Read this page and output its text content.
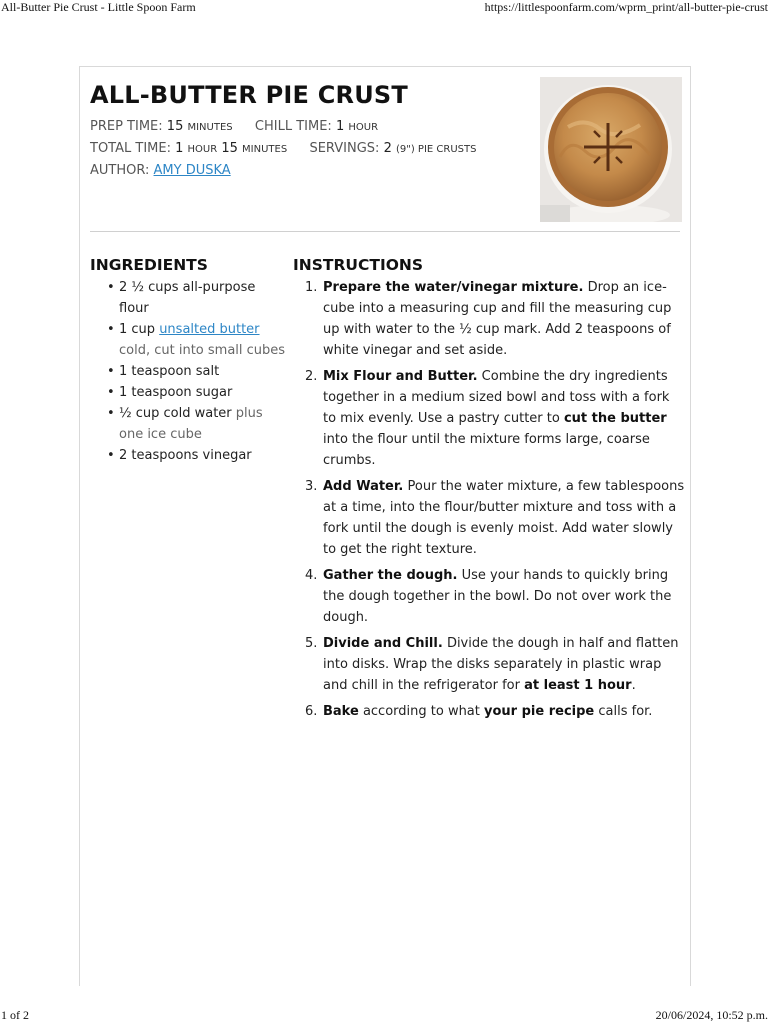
All-Butter Pie Crust - Little Spoon Farm	https://littlespoonfarm.com/wprm_print/all-butter-pie-crust
ALL-BUTTER PIE CRUST
PREP TIME: 15 MINUTES CHILL TIME: 1 HOUR
TOTAL TIME: 1 HOUR 15 MINUTES SERVINGS: 2 (9") PIE CRUSTS
AUTHOR: AMY DUSKA
INGREDIENTS	INSTRUCTIONS
• 2 ½ cups all-purpose flour
• 1 cup unsalted butter cold, cut into small cubes
• 1 teaspoon salt
• 1 teaspoon sugar
• ½ cup cold water plus one ice cube
• 2 teaspoons vinegar
1. Prepare the water/vinegar mixture. Drop an ice-cube into a measuring cup and fill the measuring cup up with water to the ½ cup mark. Add 2 teaspoons of white vinegar and set aside.
2. Mix Flour and Butter. Combine the dry ingredients together in a medium sized bowl and toss with a fork to mix evenly. Use a pastry cutter to cut the butter into the flour until the mixture forms large, coarse crumbs.
3. Add Water. Pour the water mixture, a few tablespoons at a time, into the flour/butter mixture and toss with a fork until the dough is evenly moist. Add water slowly to get the right texture.
4. Gather the dough. Use your hands to quickly bring the dough together in the bowl. Do not over work the dough.
5. Divide and Chill. Divide the dough in half and flatten into disks. Wrap the disks separately in plastic wrap and chill in the refrigerator for at least 1 hour.
6. Bake according to what your pie recipe calls for.
1 of 2	20/06/2024, 10:52 p.m.
